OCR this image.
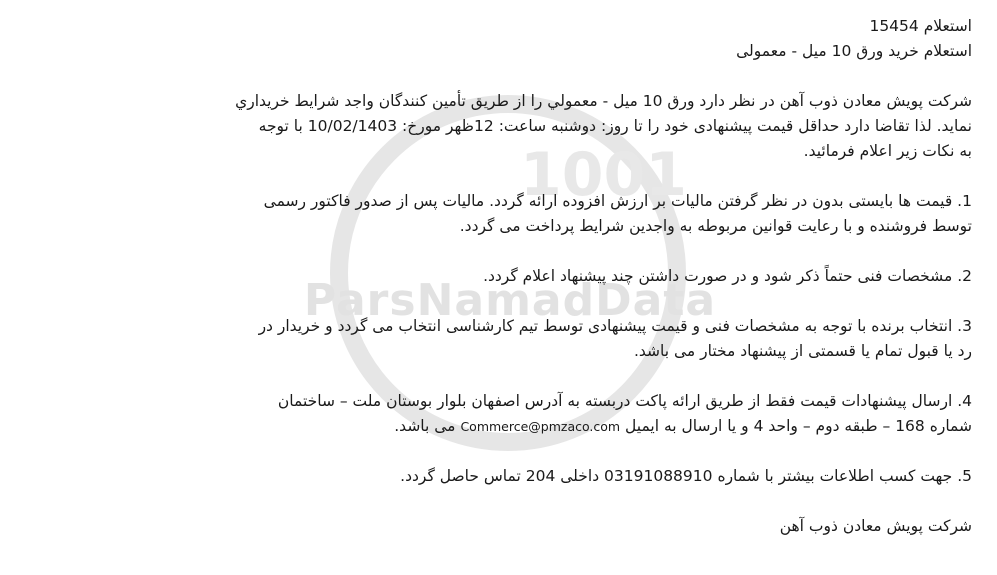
1001
ParsNamadData

استعلام 15454

استعلام خرید ورق 10 میل - معمولی

شرکت پویش معادن ذوب آهن در نظر دارد ورق 10 میل - معمولي را از طریق تأمین کنندگان واجد شرایط خریداري

نماید. لذا تقاضا دارد حداقل قیمت پیشنهادی خود را تا روز: دوشنبه ساعت: 12ظهر مورخ: 10/02/1403 با توجه

به نکات زیر اعلام فرمائید.

1. قیمت ها بایستی بدون در نظر گرفتن مالیات بر ارزش افزوده ارائه گردد. مالیات پس از صدور فاکتور رسمی

توسط فروشنده و با رعایت قوانین مربوطه به واجدین شرایط پرداخت می گردد.

2. مشخصات فنی حتماً ذکر شود و در صورت داشتن چند پیشنهاد اعلام گردد.

3. انتخاب برنده با توجه به مشخصات فنی و قیمت پیشنهادی توسط تیم کارشناسی انتخاب می گردد و خریدار در

رد یا قبول تمام یا قسمتی از پیشنهاد مختار می باشد.

4. ارسال پیشنهادات قیمت فقط از طریق ارائه پاکت دربسته به آدرس اصفهان بلوار بوستان ملت – ساختمان

شماره 168 – طبقه دوم – واحد 4 و یا ارسال به ایمیل Commerce@pmzaco.com می باشد.

5. جهت کسب اطلاعات بیشتر با شماره 03191088910 داخلی 204 تماس حاصل گردد.

شرکت پویش معادن ذوب آهن
